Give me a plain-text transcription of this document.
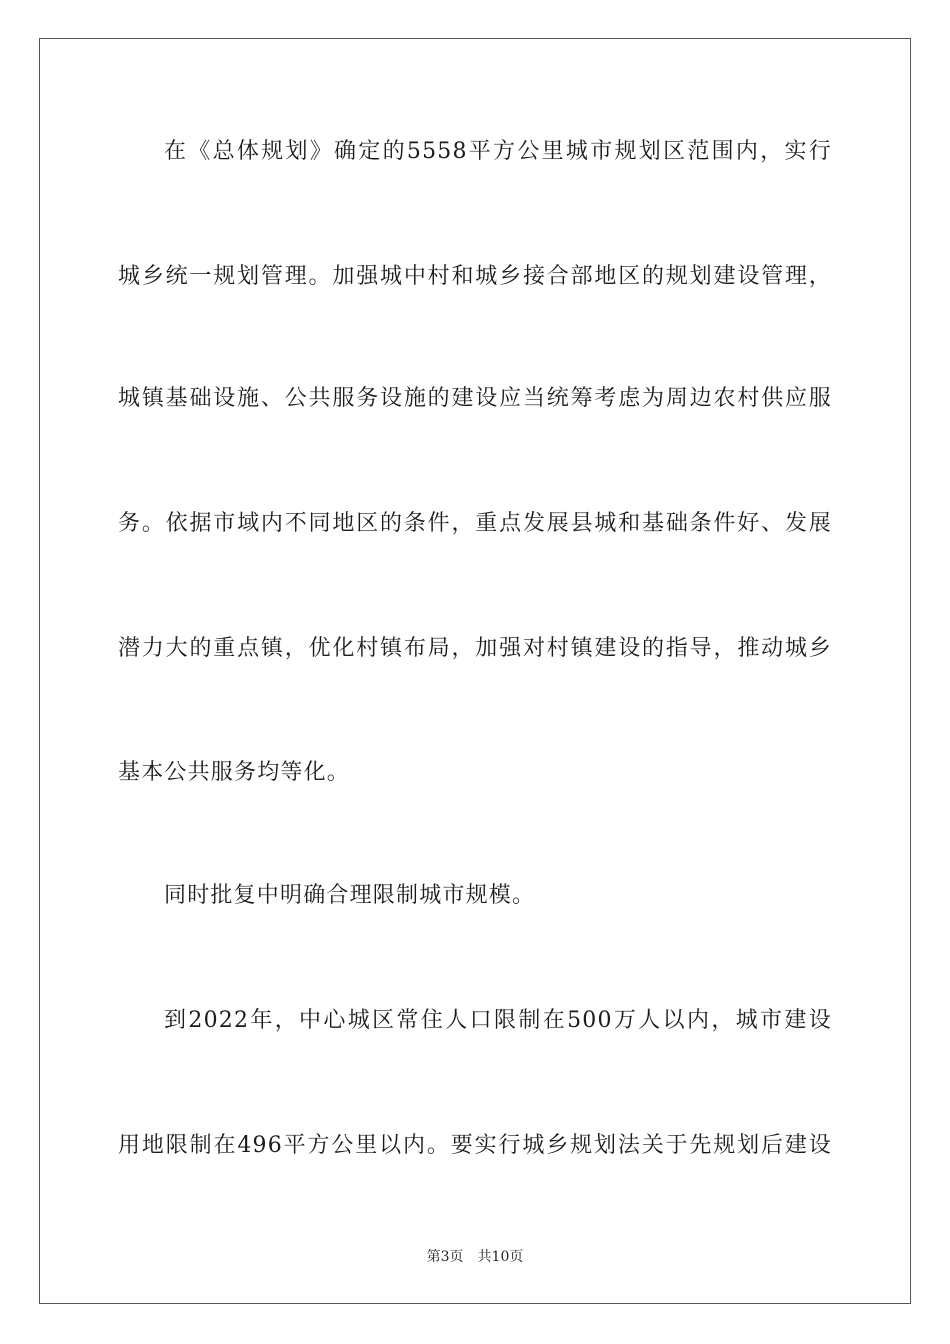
在《总体规划》确定的5558平方公里城市规划区范围内，实行
城乡统一规划管理。加强城中村和城乡接合部地区的规划建设管理，
城镇基础设施、公共服务设施的建设应当统筹考虑为周边农村供应服
务。依据市域内不同地区的条件，重点发展县城和基础条件好、发展
潜力大的重点镇，优化村镇布局，加强对村镇建设的指导，推动城乡
基本公共服务均等化。
同时批复中明确合理限制城市规模。
到2022年，中心城区常住人口限制在500万人以内，城市建设
用地限制在496平方公里以内。要实行城乡规划法关于先规划后建设
第3页 共10页
